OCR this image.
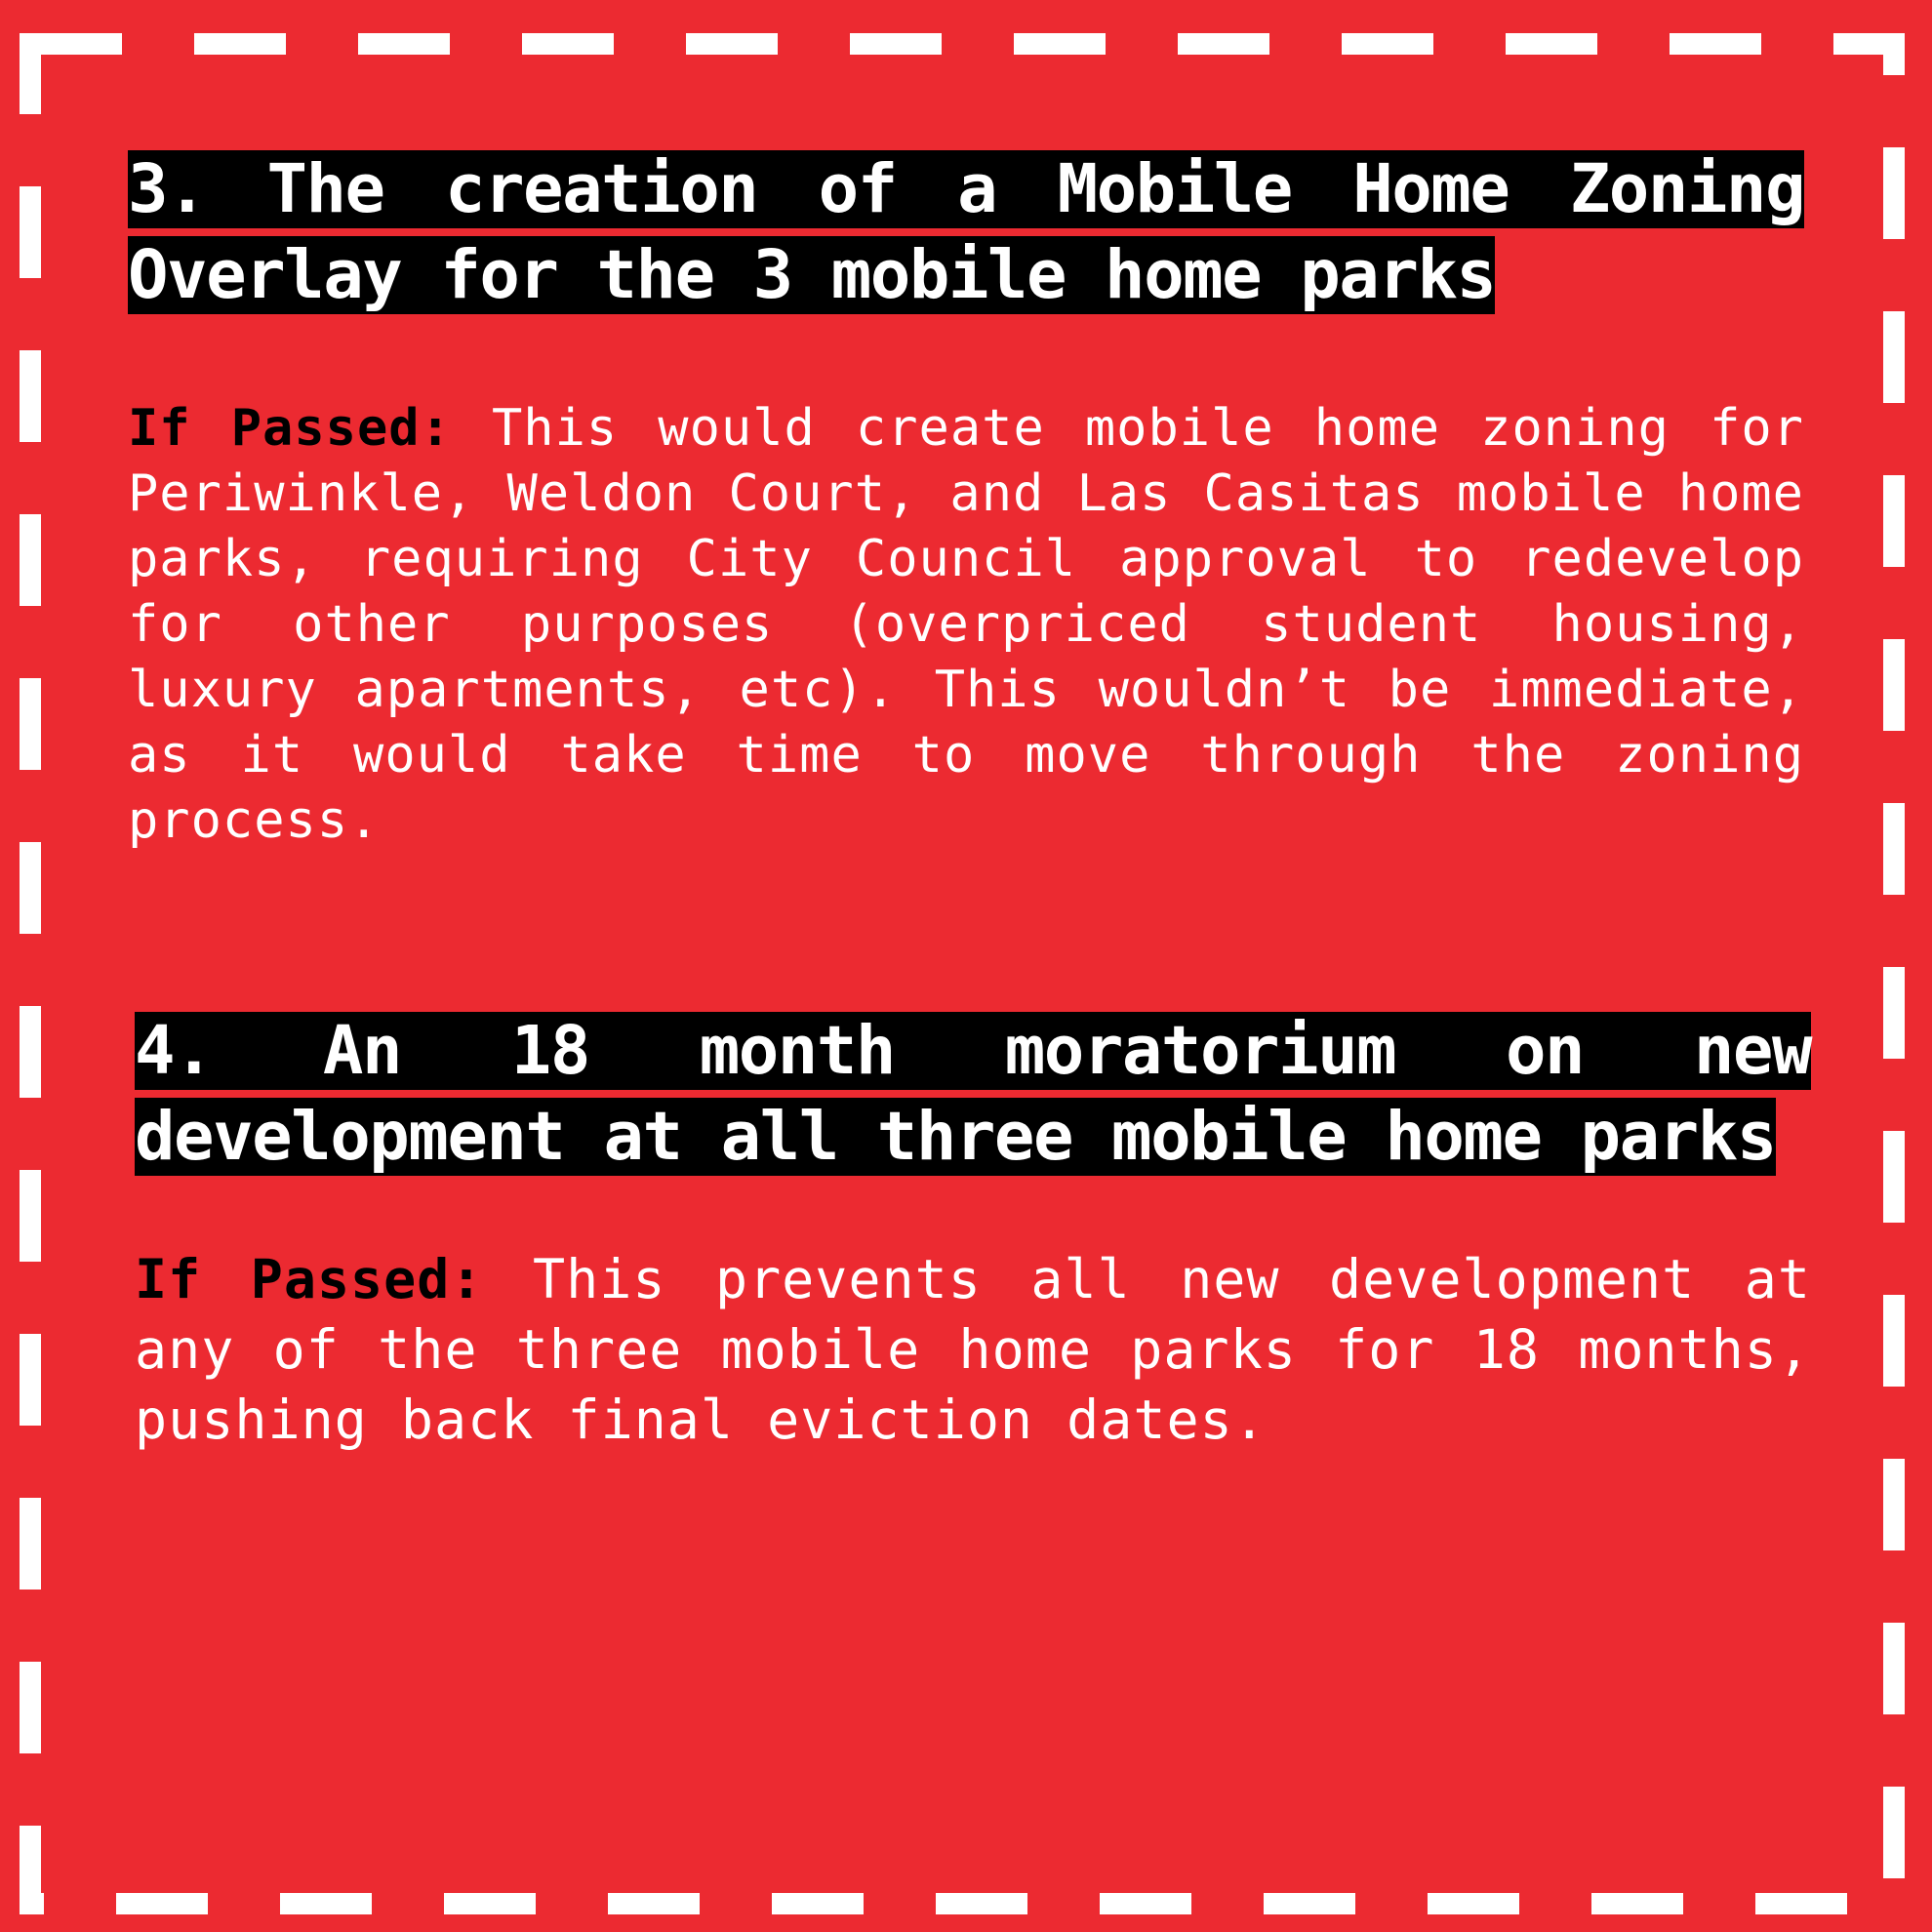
3. The creation of a Mobile Home Zoning Overlay for the 3 mobile home parks

If Passed: This would create mobile home zoning for Periwinkle, Weldon Court, and Las Casitas mobile home parks, requiring City Council approval to redevelop for other purposes (overpriced student housing, luxury apartments, etc). This wouldn’t be immediate, as it would take time to move through the zoning process.

4. An 18 month moratorium on new development at all three mobile home parks

If Passed: This prevents all new development at any of the three mobile home parks for 18 months, pushing back final eviction dates.
